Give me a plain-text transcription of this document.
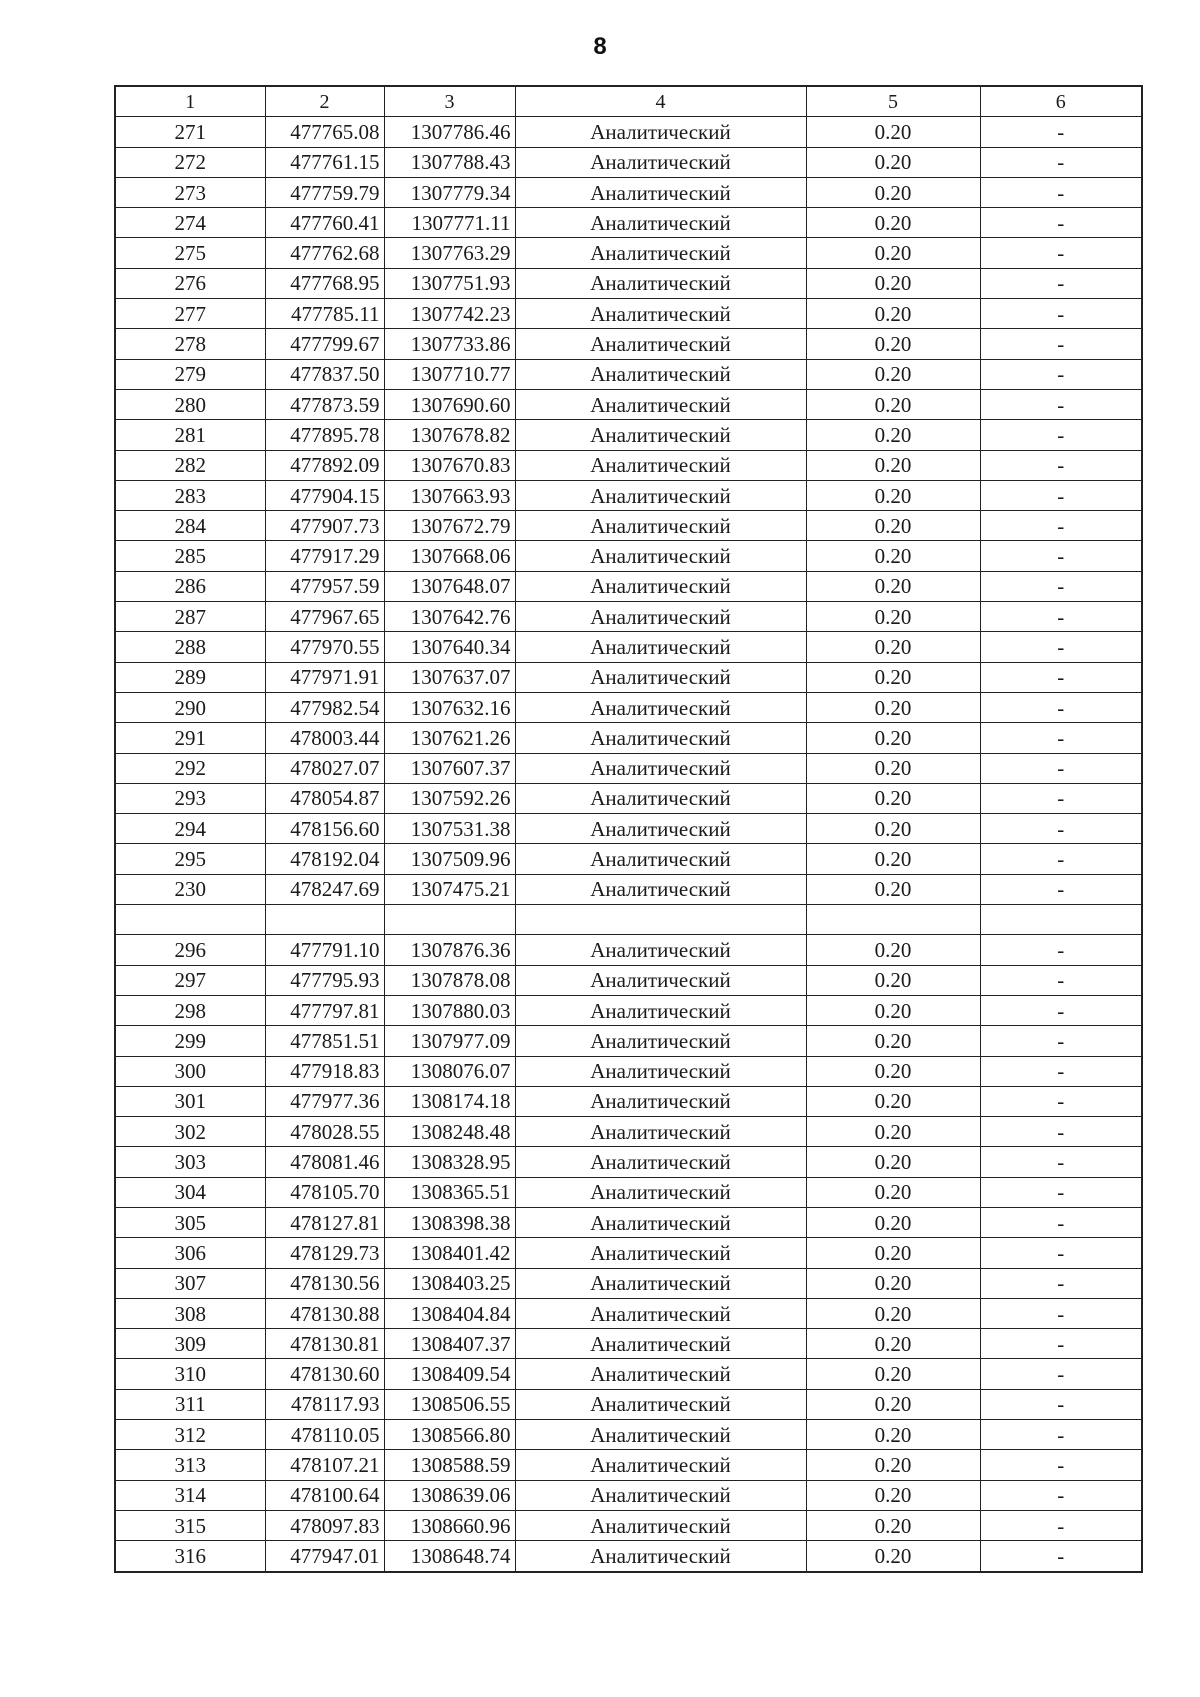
8
1	2	3	4	5	6
271	477765.08	1307786.46	Аналитический	0.20	-
272	477761.15	1307788.43	Аналитический	0.20	-
273	477759.79	1307779.34	Аналитический	0.20	-
274	477760.41	1307771.11	Аналитический	0.20	-
275	477762.68	1307763.29	Аналитический	0.20	-
276	477768.95	1307751.93	Аналитический	0.20	-
277	477785.11	1307742.23	Аналитический	0.20	-
278	477799.67	1307733.86	Аналитический	0.20	-
279	477837.50	1307710.77	Аналитический	0.20	-
280	477873.59	1307690.60	Аналитический	0.20	-
281	477895.78	1307678.82	Аналитический	0.20	-
282	477892.09	1307670.83	Аналитический	0.20	-
283	477904.15	1307663.93	Аналитический	0.20	-
284	477907.73	1307672.79	Аналитический	0.20	-
285	477917.29	1307668.06	Аналитический	0.20	-
286	477957.59	1307648.07	Аналитический	0.20	-
287	477967.65	1307642.76	Аналитический	0.20	-
288	477970.55	1307640.34	Аналитический	0.20	-
289	477971.91	1307637.07	Аналитический	0.20	-
290	477982.54	1307632.16	Аналитический	0.20	-
291	478003.44	1307621.26	Аналитический	0.20	-
292	478027.07	1307607.37	Аналитический	0.20	-
293	478054.87	1307592.26	Аналитический	0.20	-
294	478156.60	1307531.38	Аналитический	0.20	-
295	478192.04	1307509.96	Аналитический	0.20	-
230	478247.69	1307475.21	Аналитический	0.20	-

296	477791.10	1307876.36	Аналитический	0.20	-
297	477795.93	1307878.08	Аналитический	0.20	-
298	477797.81	1307880.03	Аналитический	0.20	-
299	477851.51	1307977.09	Аналитический	0.20	-
300	477918.83	1308076.07	Аналитический	0.20	-
301	477977.36	1308174.18	Аналитический	0.20	-
302	478028.55	1308248.48	Аналитический	0.20	-
303	478081.46	1308328.95	Аналитический	0.20	-
304	478105.70	1308365.51	Аналитический	0.20	-
305	478127.81	1308398.38	Аналитический	0.20	-
306	478129.73	1308401.42	Аналитический	0.20	-
307	478130.56	1308403.25	Аналитический	0.20	-
308	478130.88	1308404.84	Аналитический	0.20	-
309	478130.81	1308407.37	Аналитический	0.20	-
310	478130.60	1308409.54	Аналитический	0.20	-
311	478117.93	1308506.55	Аналитический	0.20	-
312	478110.05	1308566.80	Аналитический	0.20	-
313	478107.21	1308588.59	Аналитический	0.20	-
314	478100.64	1308639.06	Аналитический	0.20	-
315	478097.83	1308660.96	Аналитический	0.20	-
316	477947.01	1308648.74	Аналитический	0.20	-
